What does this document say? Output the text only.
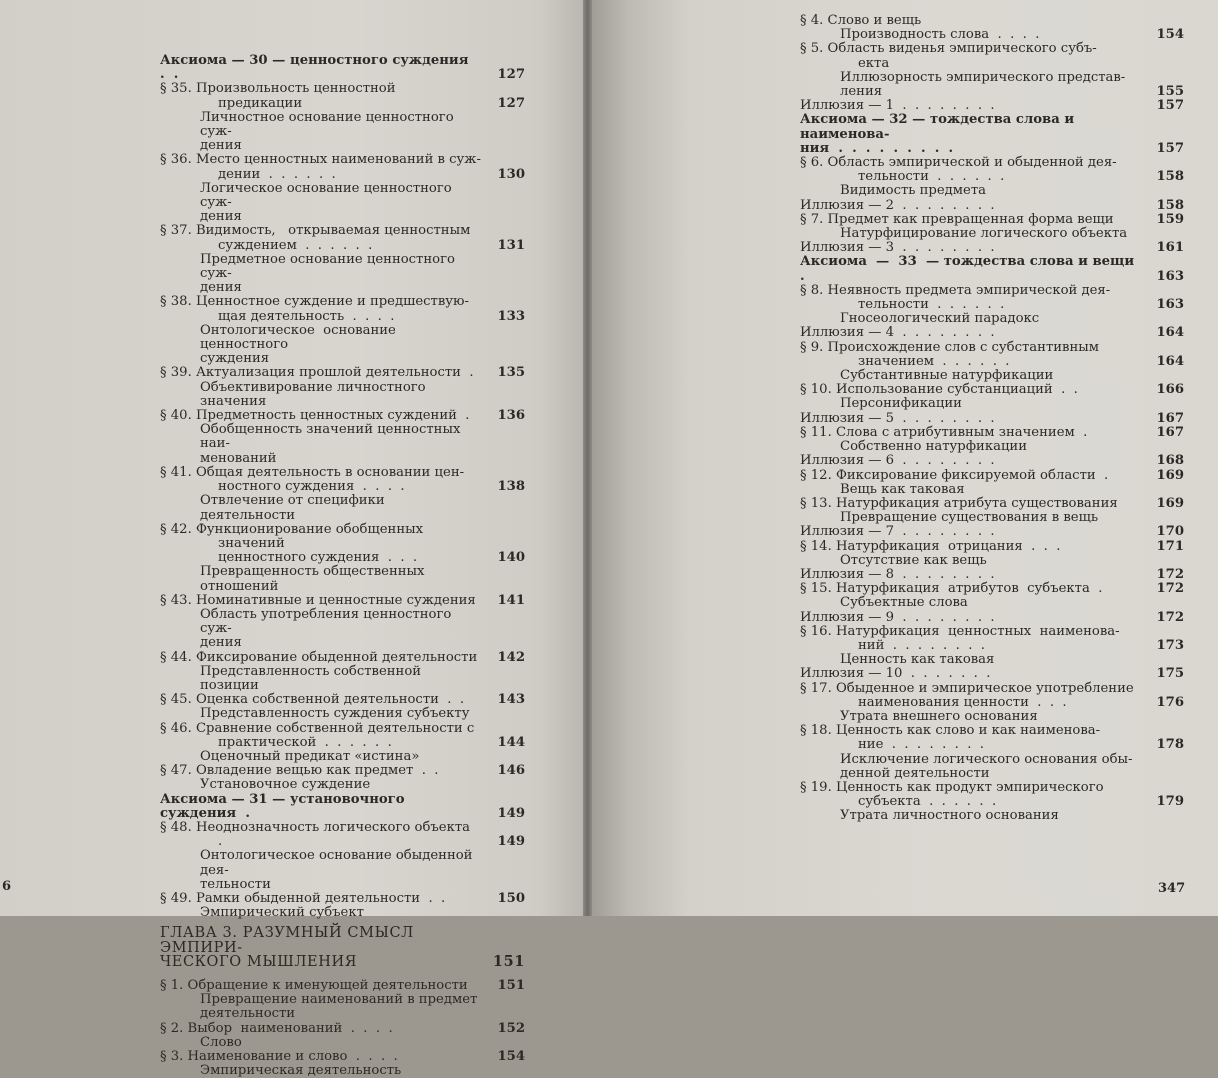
Аксиома — 30 — ценностного суждения  .  .	127
§ 35. Произвольность ценностной предикации	127
Личностное основание ценностного суж-
дения
§ 36. Место ценностных наименований в суж-
дении  .  .  .  .  .  .	130
Логическое основание ценностного суж-
дения
§ 37. Видимость,   открываемая ценностным
суждением  .  .  .  .  .  .	131
Предметное основание ценностного суж-
дения
§ 38. Ценностное суждение и предшествую-
щая деятельность  .  .  .  .	133
Онтологическое  основание  ценностного
суждения
§ 39. Актуализация прошлой деятельности  .	135
Объективирование личностного значения
§ 40. Предметность ценностных суждений  .	136
Обобщенность значений ценностных наи-
менований
§ 41. Общая деятельность в основании цен-
ностного суждения  .  .  .  .	138
Отвлечение от специфики деятельности
§ 42. Функционирование обобщенных значений
ценностного суждения  .  .  .	140
Превращенность общественных отношений
§ 43. Номинативные и ценностные суждения	141
Область употребления ценностного суж-
дения
§ 44. Фиксирование обыденной деятельности	142
Представленность собственной позиции
§ 45. Оценка собственной деятельности  .  .	143
Представленность суждения субъекту
§ 46. Сравнение собственной деятельности с
практической  .  .  .  .  .  .	144
Оценочный предикат «истина»
§ 47. Овладение вещью как предмет  .  .	146
Установочное суждение
Аксиома — 31 — установочного суждения  .	149
§ 48. Неоднозначность логического объекта  .	149
Онтологическое основание обыденной дея-
тельности
§ 49. Рамки обыденной деятельности  .  .	150
Эмпирический субъект
ГЛАВА 3. РАЗУМНЫЙ СМЫСЛ ЭМПИРИ-
ЧЕСКОГО МЫШЛЕНИЯ	151
§ 1. Обращение к именующей деятельности	151
Превращение наименований в предмет
деятельности
§ 2. Выбор  наименований  .  .  .  .	152
Слово
§ 3. Наименование и слово  .  .  .  .	154
Эмпирическая деятельность
§ 4. Слово и вещь
Производность слова  .  .  .  .	154
§ 5. Область виденья эмпирического субъ-
екта
Иллюзорность эмпирического представ-
ления	155
Иллюзия — 1  .  .  .  .  .  .  .  .	157
Аксиома — 32 — тождества слова и наименова-
ния  .  .  .  .  .  .  .  .  .	157
§ 6. Область эмпирической и обыденной дея-
тельности  .  .  .  .  .  .	158
Видимость предмета
Иллюзия — 2  .  .  .  .  .  .  .  .	158
§ 7. Предмет как превращенная форма вещи	159
Натурфицирование логического объекта
Иллюзия — 3  .  .  .  .  .  .  .  .	161
Аксиома  —  33  — тождества слова и вещи  .	163
§ 8. Неявность предмета эмпирической дея-
тельности  .  .  .  .  .  .	163
Гносеологический парадокс
Иллюзия — 4  .  .  .  .  .  .  .  .	164
§ 9. Происхождение слов с субстантивным
значением  .  .  .  .  .  .	164
Субстантивные натурфикации
§ 10. Использование субстанциаций  .  .	166
Персонификации
Иллюзия — 5  .  .  .  .  .  .  .  .	167
§ 11. Слова с атрибутивным значением  .	167
Собственно натурфикации
Иллюзия — 6  .  .  .  .  .  .  .  .	168
§ 12. Фиксирование фиксируемой области  .	169
Вещь как таковая
§ 13. Натурфикация атрибута существования	169
Превращение существования в вещь
Иллюзия — 7  .  .  .  .  .  .  .  .	170
§ 14. Натурфикация  отрицания  .  .  .	171
Отсутствие как вещь
Иллюзия — 8  .  .  .  .  .  .  .  .	172
§ 15. Натурфикация  атрибутов  субъекта  .	172
Субъектные слова
Иллюзия — 9  .  .  .  .  .  .  .  .	172
§ 16. Натурфикация  ценностных  наименова-
ний  .  .  .  .  .  .  .  .	173
Ценность как таковая
Иллюзия — 10  .  .  .  .  .  .  .	175
§ 17. Обыденное и эмпирическое употребление
наименования ценности  .  .  .	176
Утрата внешнего основания
§ 18. Ценность как слово и как наименова-
ние  .  .  .  .  .  .  .  .	178
Исключение логического основания обы-
денной деятельности
§ 19. Ценность как продукт эмпирического
субъекта  .  .  .  .  .  .	179
Утрата личностного основания
6	347
